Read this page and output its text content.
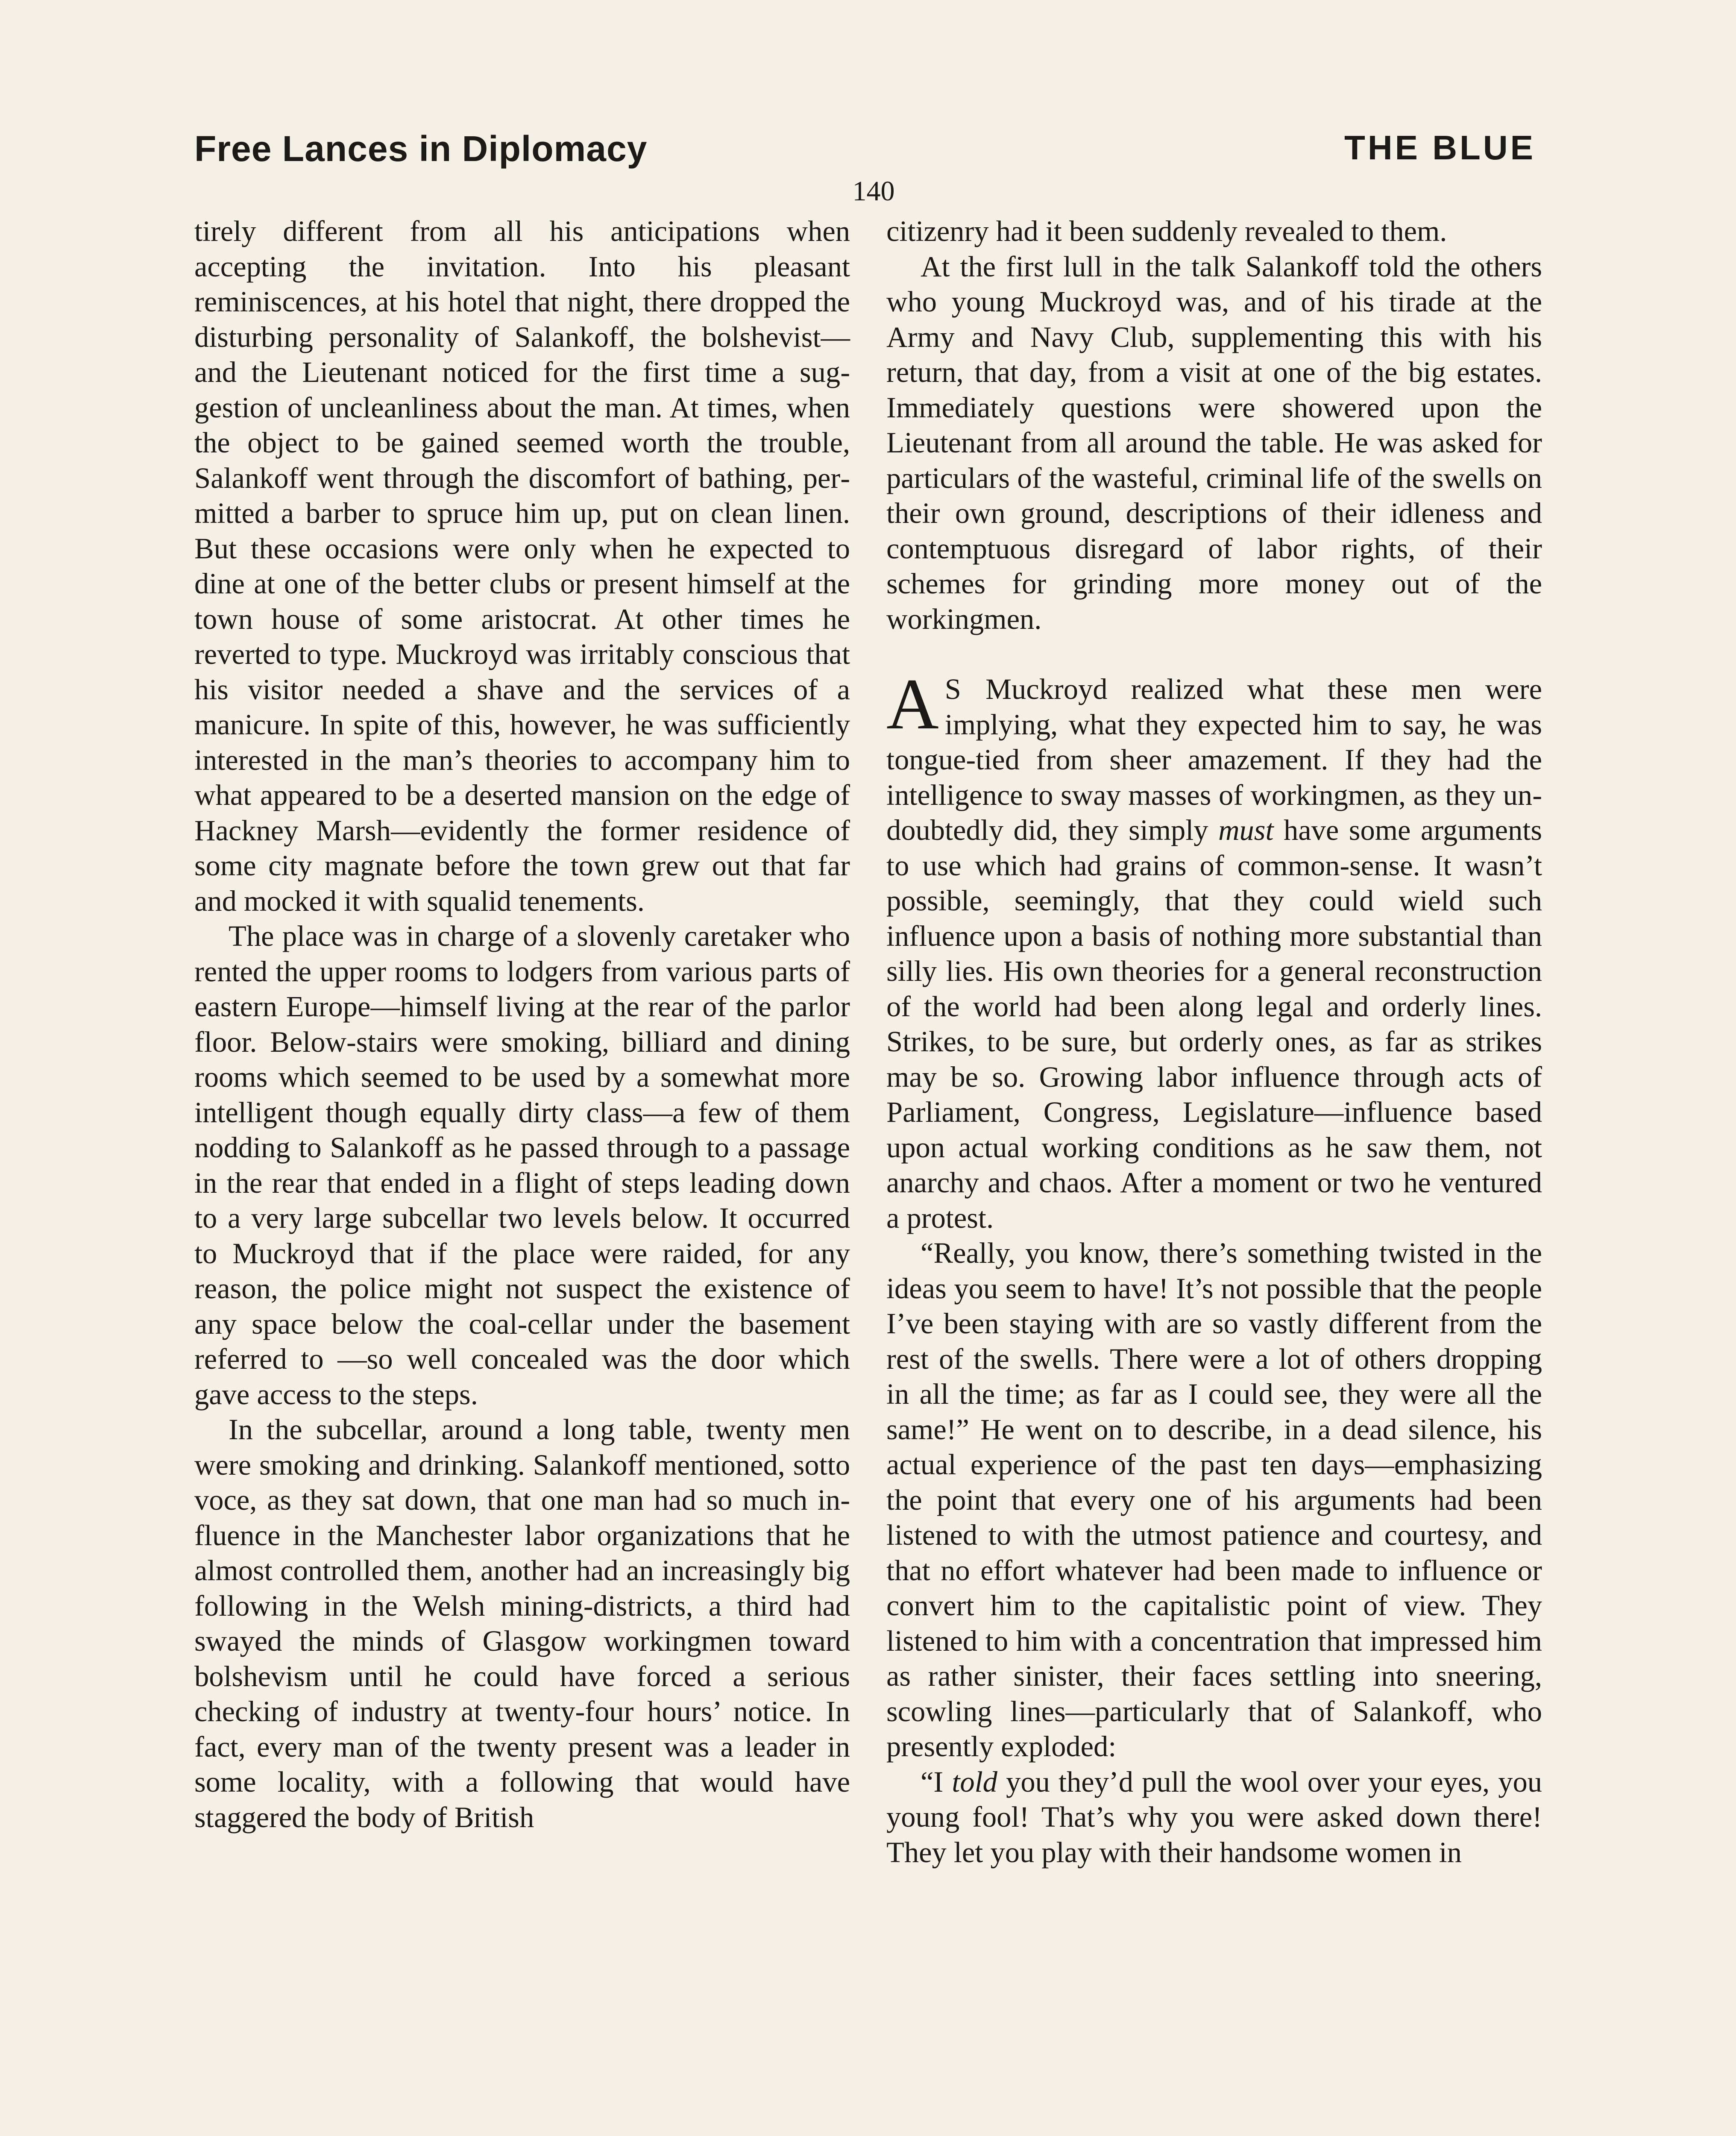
Free Lances in Diplomacy	THE BLUE
140

tirely different from all his anticipations when accepting the invitation. Into his pleasant reminiscences, at his hotel that night, there dropped the disturbing personality of Salankoff, the bolshevist—and the Lieutenant noticed for the first time a suggestion of uncleanliness about the man. At times, when the object to be gained seemed worth the trouble, Salankoff went through the discomfort of bathing, permitted a barber to spruce him up, put on clean linen. But these occasions were only when he expected to dine at one of the better clubs or present himself at the town house of some aristocrat. At other times he reverted to type. Muckroyd was irritably conscious that his visitor needed a shave and the services of a manicure. In spite of this, however, he was sufficiently interested in the man’s theories to accompany him to what appeared to be a deserted mansion on the edge of Hackney Marsh—evidently the former residence of some city magnate before the town grew out that far and mocked it with squalid tenements.

The place was in charge of a slovenly caretaker who rented the upper rooms to lodgers from various parts of eastern Europe—himself living at the rear of the parlor floor. Below-stairs were smoking, billiard and dining rooms which seemed to be used by a somewhat more intelligent though equally dirty class—a few of them nodding to Salankoff as he passed through to a passage in the rear that ended in a flight of steps leading down to a very large subcellar two levels below. It occurred to Muckroyd that if the place were raided, for any reason, the police might not suspect the existence of any space below the coal-cellar under the basement referred to —so well concealed was the door which gave access to the steps.

In the subcellar, around a long table, twenty men were smoking and drinking. Salankoff mentioned, sotto voce, as they sat down, that one man had so much influence in the Manchester labor organizations that he almost controlled them, another had an increasingly big following in the Welsh mining-districts, a third had swayed the minds of Glasgow workingmen toward bolshevism until he could have forced a serious checking of industry at twenty-four hours’ notice. In fact, every man of the twenty present was a leader in some locality, with a following that would have staggered the body of British

citizenry had it been suddenly revealed to them.

At the first lull in the talk Salankoff told the others who young Muckroyd was, and of his tirade at the Army and Navy Club, supplementing this with his return, that day, from a visit at one of the big estates. Immediately questions were showered upon the Lieutenant from all around the table. He was asked for particulars of the wasteful, criminal life of the swells on their own ground, descriptions of their idleness and contemptuous disregard of labor rights, of their schemes for grinding more money out of the workingmen.

A S Muckroyd realized what these men were implying, what they expected him to say, he was tongue-tied from sheer amazement. If they had the intelligence to sway masses of workingmen, as they undoubtedly did, they simply must have some arguments to use which had grains of common-sense. It wasn’t possible, seemingly, that they could wield such influence upon a basis of nothing more substantial than silly lies. His own theories for a general reconstruction of the world had been along legal and orderly lines. Strikes, to be sure, but orderly ones, as far as strikes may be so. Growing labor influence through acts of Parliament, Congress, Legislature—influence based upon actual working conditions as he saw them, not anarchy and chaos. After a moment or two he ventured a protest.

“Really, you know, there’s something twisted in the ideas you seem to have! It’s not possible that the people I’ve been staying with are so vastly different from the rest of the swells. There were a lot of others dropping in all the time; as far as I could see, they were all the same!” He went on to describe, in a dead silence, his actual experience of the past ten days—emphasizing the point that every one of his arguments had been listened to with the utmost patience and courtesy, and that no effort whatever had been made to influence or convert him to the capitalistic point of view. They listened to him with a concentration that impressed him as rather sinister, their faces settling into sneering, scowling lines—particularly that of Salankoff, who presently exploded:

“I told you they’d pull the wool over your eyes, you young fool! That’s why you were asked down there! They let you play with their handsome women in
